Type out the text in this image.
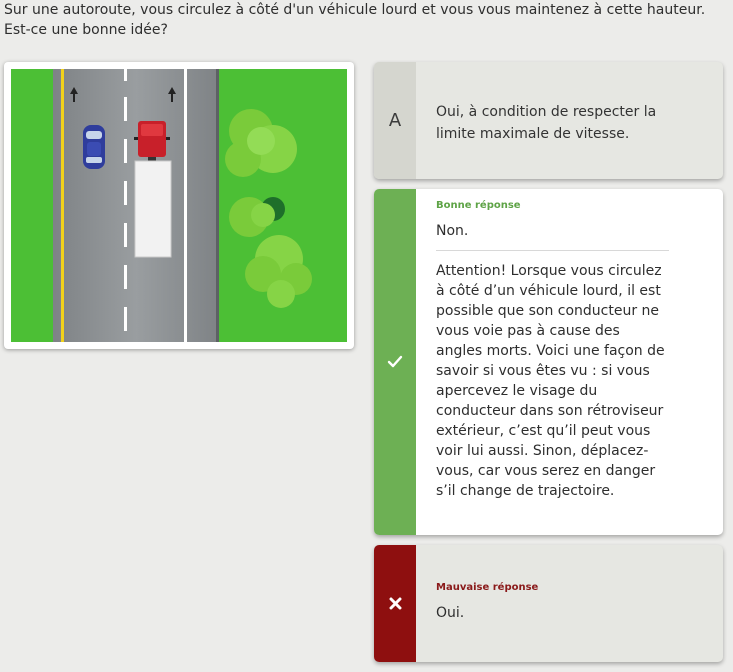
Sur une autoroute, vous circulez à côté d'un véhicule lourd et vous vous maintenez à cette hauteur. Est-ce une bonne idée?
A	Oui, à condition de respecter la limite maximale de vitesse.
Bonne réponse
Non.
Attention! Lorsque vous circulez à côté d’un véhicule lourd, il est possible que son conducteur ne vous voie pas à cause des angles morts. Voici une façon de savoir si vous êtes vu : si vous apercevez le visage du conducteur dans son rétroviseur extérieur, c’est qu’il peut vous voir lui aussi. Sinon, déplacez-vous, car vous serez en danger s’il change de trajectoire.
Mauvaise réponse
Oui.
